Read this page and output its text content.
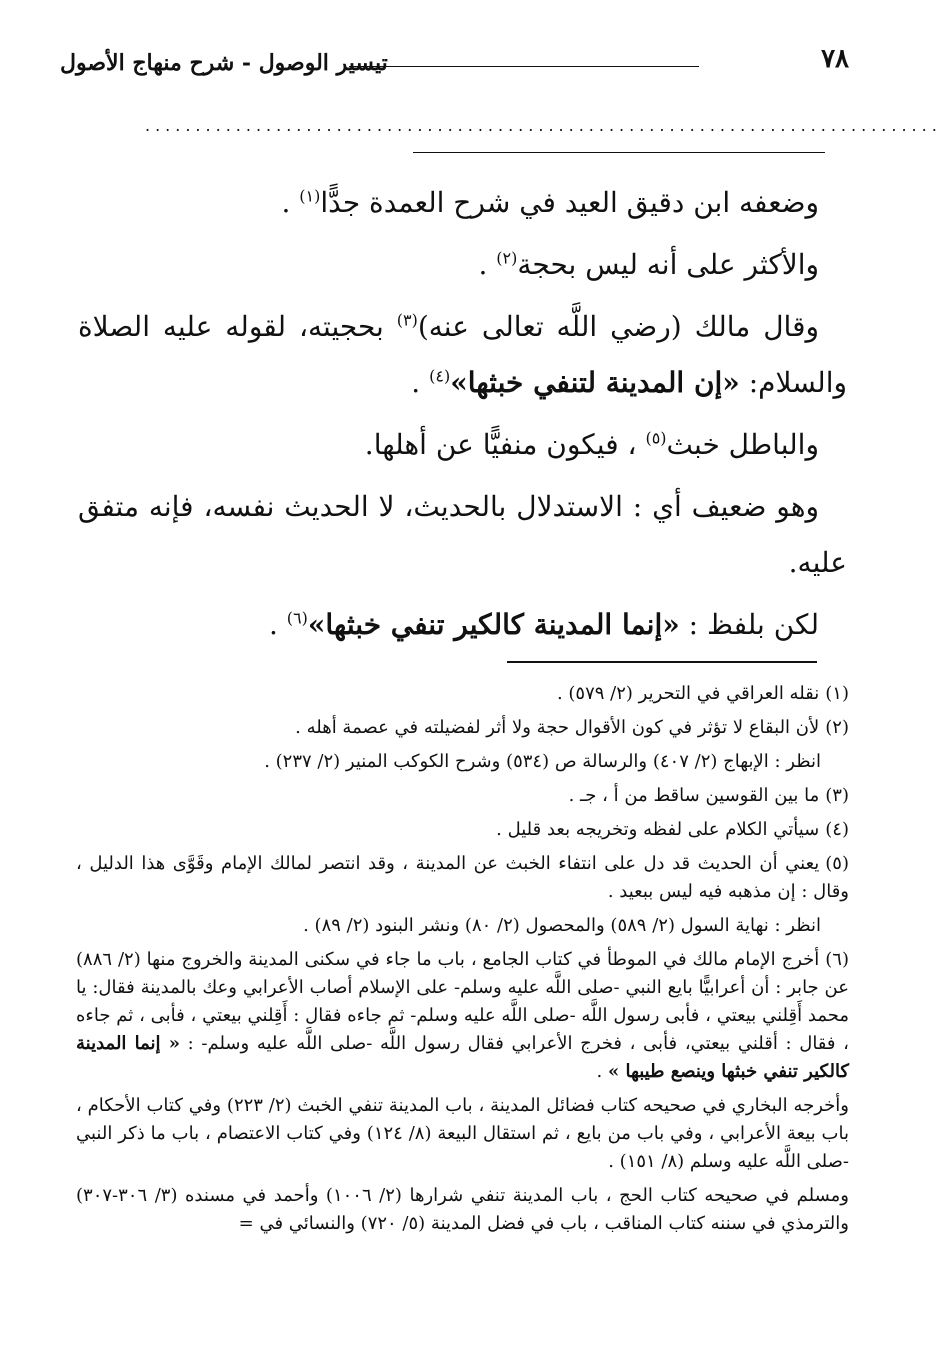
٧٨
تيسير الوصول - شرح منهاج الأصول
...............................................................................

وضعفه ابن دقيق العيد في شرح العمدة جدًّا$^{(١)}$ .

والأكثر على أنه ليس بحجة$^{(٢)}$ .

وقال مالك (رضي اللَّه تعالى عنه)$^{(٣)}$ بحجيته، لقوله عليه الصلاة والسلام: «إن المدينة لتنفي خبثها»$^{(٤)}$ .

والباطل خبث$^{(٥)}$ ، فيكون منفيًّا عن أهلها.

وهو ضعيف أي : الاستدلال بالحديث، لا الحديث نفسه، فإنه متفق عليه.

لكن بلفظ : «إنما المدينة كالكير تنفي خبثها»$^{(٦)}$ .

(١)نقله العراقي في التحرير (٢/ ٥٧٩) .
(٢)لأن البقاع لا تؤثر في كون الأقوال حجة ولا أثر لفضيلته في عصمة أهله .
انظر : الإبهاج (٢/ ٤٠٧) والرسالة ص (٥٣٤) وشرح الكوكب المنير (٢/ ٢٣٧) .
(٣)ما بين القوسين ساقط من أ ، جـ .
(٤)سيأتي الكلام على لفظه وتخريجه بعد قليل .
(٥)يعني أن الحديث قد دل على انتفاء الخبث عن المدينة ، وقد انتصر لمالك الإمام وقَوَّى هذا الدليل ، وقال : إن مذهبه فيه ليس ببعيد .
انظر : نهاية السول (٢/ ٥٨٩) والمحصول (٢/ ٨٠) ونشر البنود (٢/ ٨٩) .
(٦)أخرج الإمام مالك في الموطأ في كتاب الجامع ، باب ما جاء في سكنى المدينة والخروج منها (٢/ ٨٨٦) عن جابر : أن أعرابيًّا بايع النبي -صلى اللَّه عليه وسلم- على الإسلام أصاب الأعرابي وعك بالمدينة فقال: يا محمد أَقِلني بيعتي ، فأبى رسول اللَّه -صلى اللَّه عليه وسلم- ثم جاءه فقال : أَقِلني بيعتي ، فأبى ، ثم جاءه ، فقال : أقلني بيعتي، فأبى ، فخرج الأعرابي فقال رسول اللَّه -صلى اللَّه عليه وسلم- : « إنما المدينة كالكير تنفي خبثها وينصع طيبها » .
وأخرجه البخاري في صحيحه كتاب فضائل المدينة ، باب المدينة تنفي الخبث (٢/ ٢٢٣) وفي كتاب الأحكام ، باب بيعة الأعرابي ، وفي باب من بايع ، ثم استقال البيعة (٨/ ١٢٤) وفي كتاب الاعتصام ، باب ما ذكر النبي -صلى اللَّه عليه وسلم (٨/ ١٥١) .
ومسلم في صحيحه كتاب الحج ، باب المدينة تنفي شرارها (٢/ ١٠٠٦) وأحمد في مسنده (٣/ ٣٠٦-٣٠٧) والترمذي في سننه كتاب المناقب ، باب في فضل المدينة (٥/ ٧٢٠) والنسائي في =
